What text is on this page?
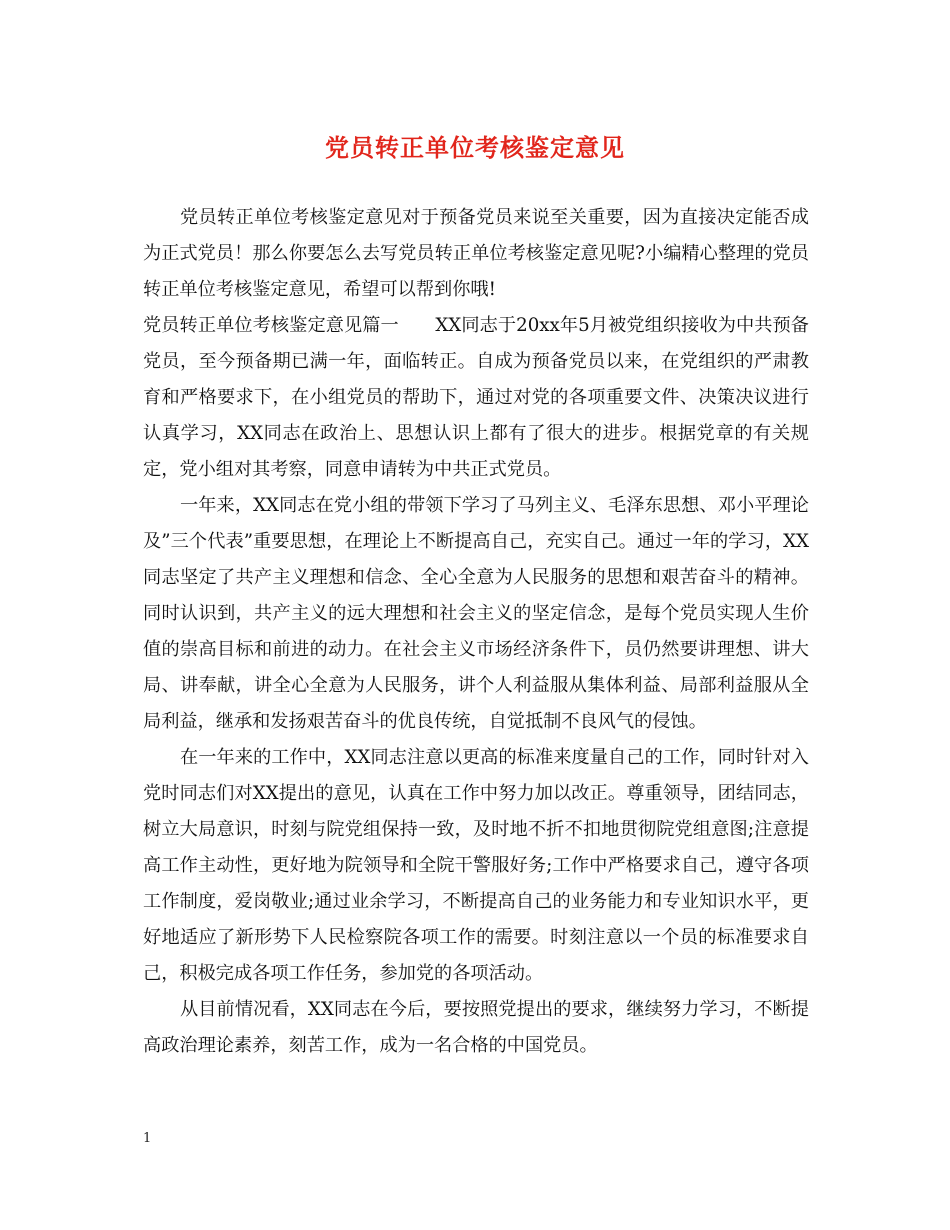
党员转正单位考核鉴定意见

党员转正单位考核鉴定意见对于预备党员来说至关重要，因为直接决定能否成为正式党员！那么你要怎么去写党员转正单位考核鉴定意见呢?小编精心整理的党员转正单位考核鉴定意见，希望可以帮到你哦!

党员转正单位考核鉴定意见篇一　　XX同志于20xx年5月被党组织接收为中共预备党员，至今预备期已满一年，面临转正。自成为预备党员以来，在党组织的严肃教育和严格要求下，在小组党员的帮助下，通过对党的各项重要文件、决策决议进行认真学习，XX同志在政治上、思想认识上都有了很大的进步。根据党章的有关规定，党小组对其考察，同意申请转为中共正式党员。

一年来，XX同志在党小组的带领下学习了马列主义、毛泽东思想、邓小平理论及”三个代表”重要思想，在理论上不断提高自己，充实自己。通过一年的学习，XX同志坚定了共产主义理想和信念、全心全意为人民服务的思想和艰苦奋斗的精神。同时认识到，共产主义的远大理想和社会主义的坚定信念，是每个党员实现人生价值的崇高目标和前进的动力。在社会主义市场经济条件下，员仍然要讲理想、讲大局、讲奉献，讲全心全意为人民服务，讲个人利益服从集体利益、局部利益服从全局利益，继承和发扬艰苦奋斗的优良传统，自觉抵制不良风气的侵蚀。

在一年来的工作中，XX同志注意以更高的标准来度量自己的工作，同时针对入党时同志们对XX提出的意见，认真在工作中努力加以改正。尊重领导，团结同志，树立大局意识，时刻与院党组保持一致，及时地不折不扣地贯彻院党组意图;注意提高工作主动性，更好地为院领导和全院干警服好务;工作中严格要求自己，遵守各项工作制度，爱岗敬业;通过业余学习，不断提高自己的业务能力和专业知识水平，更好地适应了新形势下人民检察院各项工作的需要。时刻注意以一个员的标准要求自己，积极完成各项工作任务，参加党的各项活动。

从目前情况看，XX同志在今后，要按照党提出的要求，继续努力学习，不断提高政治理论素养，刻苦工作，成为一名合格的中国党员。

1
